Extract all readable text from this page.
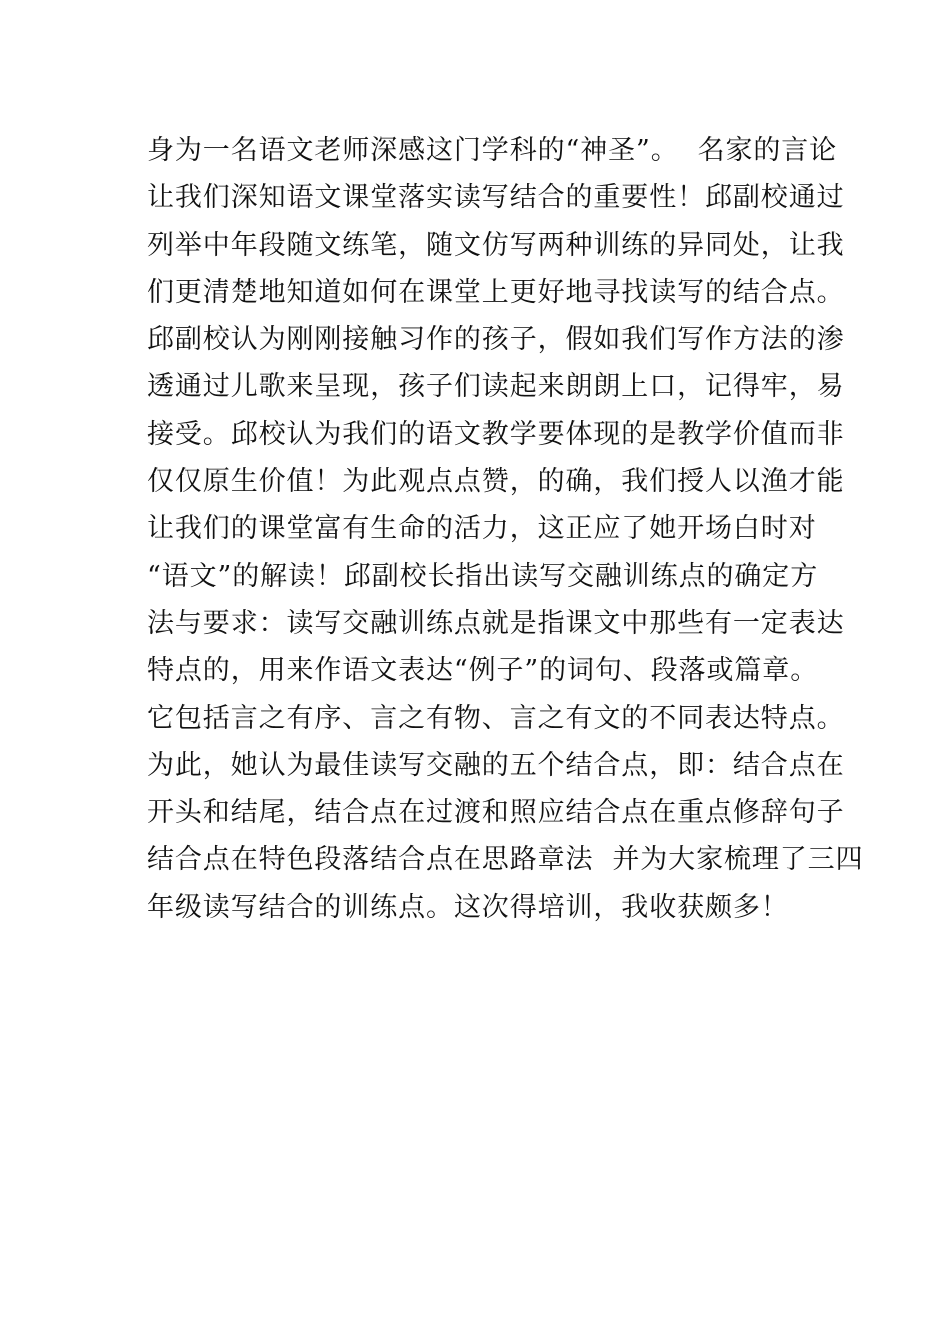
身为一名语文老师深感这门学科的“神圣”。  名家的言论
让我们深知语文课堂落实读写结合的重要性！邱副校通过
列举中年段随文练笔，随文仿写两种训练的异同处，让我
们更清楚地知道如何在课堂上更好地寻找读写的结合点。
邱副校认为刚刚接触习作的孩子，假如我们写作方法的渗
透通过儿歌来呈现，孩子们读起来朗朗上口，记得牢，易
接受。邱校认为我们的语文教学要体现的是教学价值而非
仅仅原生价值！为此观点点赞，的确，我们授人以渔才能
让我们的课堂富有生命的活力，这正应了她开场白时对
“语文”的解读！邱副校长指出读写交融训练点的确定方
法与要求：读写交融训练点就是指课文中那些有一定表达
特点的，用来作语文表达“例子”的词句、段落或篇章。
它包括言之有序、言之有物、言之有文的不同表达特点。
为此，她认为最佳读写交融的五个结合点，即：结合点在
开头和结尾，结合点在过渡和照应结合点在重点修辞句子
结合点在特色段落结合点在思路章法  并为大家梳理了三四
年级读写结合的训练点。这次得培训，我收获颇多！
